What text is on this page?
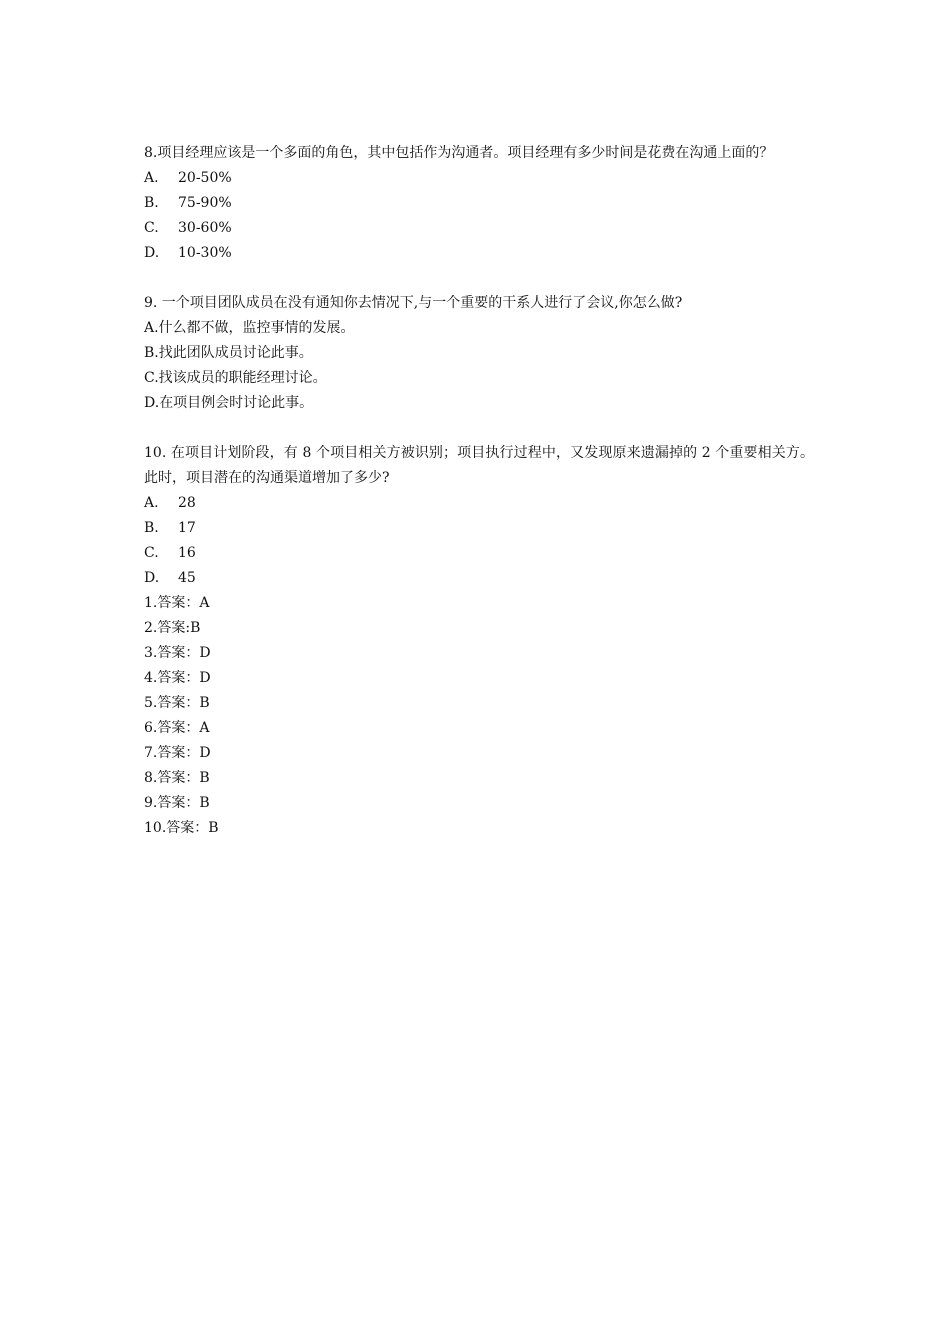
8.项目经理应该是一个多面的角色，其中包括作为沟通者。项目经理有多少时间是花费在沟通上面的？
A. 20-50%
B. 75-90%
C. 30-60%
D. 10-30%
9. 一个项目团队成员在没有通知你去情况下,与一个重要的干系人进行了会议,你怎么做?
A.什么都不做，监控事情的发展。
B.找此团队成员讨论此事。
C.找该成员的职能经理讨论。
D.在项目例会时讨论此事。
10. 在项目计划阶段，有 8 个项目相关方被识别；项目执行过程中，又发现原来遗漏掉的 2 个重要相关方。此时，项目潜在的沟通渠道增加了多少?
A. 28
B. 17
C. 16
D. 45
1.答案：A
2.答案:B
3.答案：D
4.答案：D
5.答案：B
6.答案：A
7.答案：D
8.答案：B
9.答案：B
10.答案：B
